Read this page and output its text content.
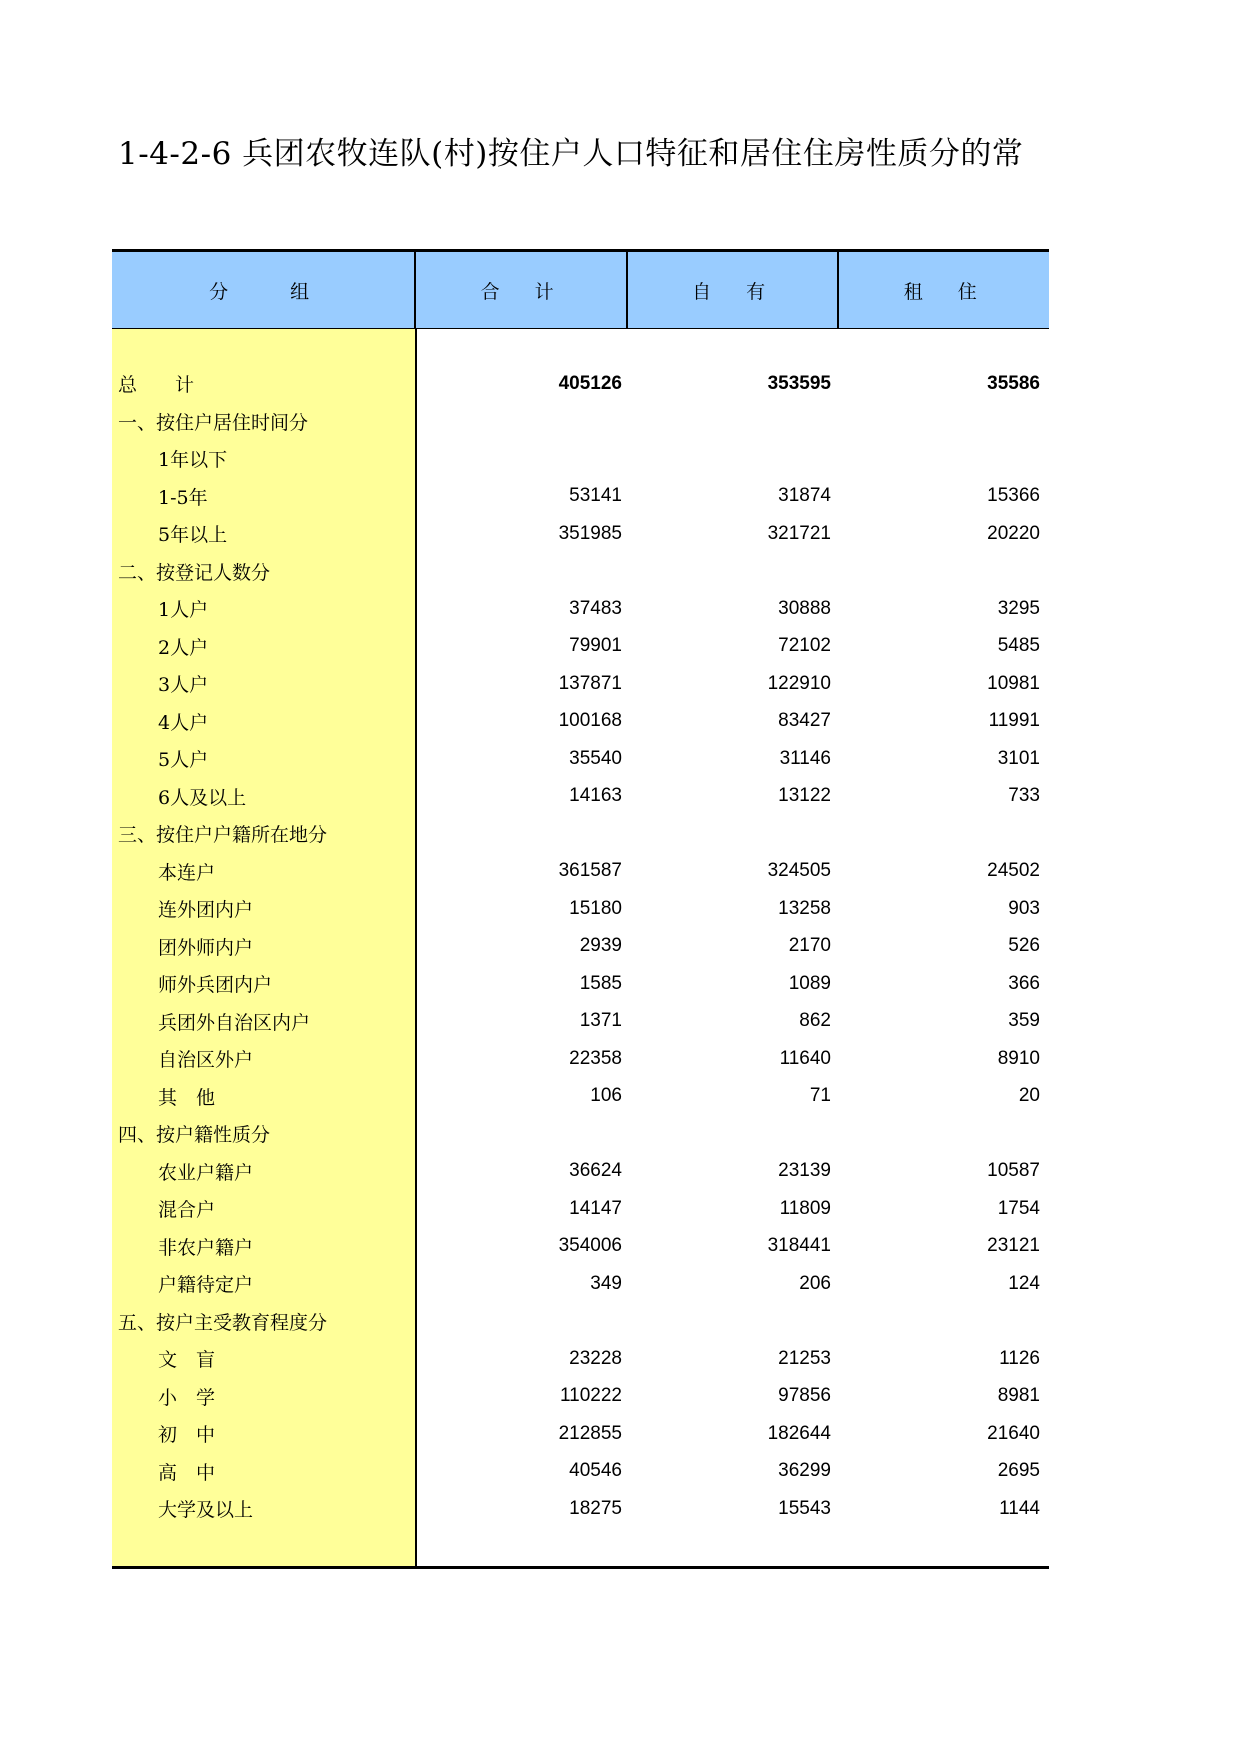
1-4-2-6 兵团农牧连队(村)按住户人口特征和居住住房性质分的常
分　　组	合　计	自　有	租　住
总　　计	405126	353595	35586
一、按住户居住时间分
1年以下
1-5年	53141	31874	15366
5年以上	351985	321721	20220
二、按登记人数分
1人户	37483	30888	3295
2人户	79901	72102	5485
3人户	137871	122910	10981
4人户	100168	83427	11991
5人户	35540	31146	3101
6人及以上	14163	13122	733
三、按住户户籍所在地分
本连户	361587	324505	24502
连外团内户	15180	13258	903
团外师内户	2939	2170	526
师外兵团内户	1585	1089	366
兵团外自治区内户	1371	862	359
自治区外户	22358	11640	8910
其　他	106	71	20
四、按户籍性质分
农业户籍户	36624	23139	10587
混合户	14147	11809	1754
非农户籍户	354006	318441	23121
户籍待定户	349	206	124
五、按户主受教育程度分
文　盲	23228	21253	1126
小　学	110222	97856	8981
初　中	212855	182644	21640
高　中	40546	36299	2695
大学及以上	18275	15543	1144
